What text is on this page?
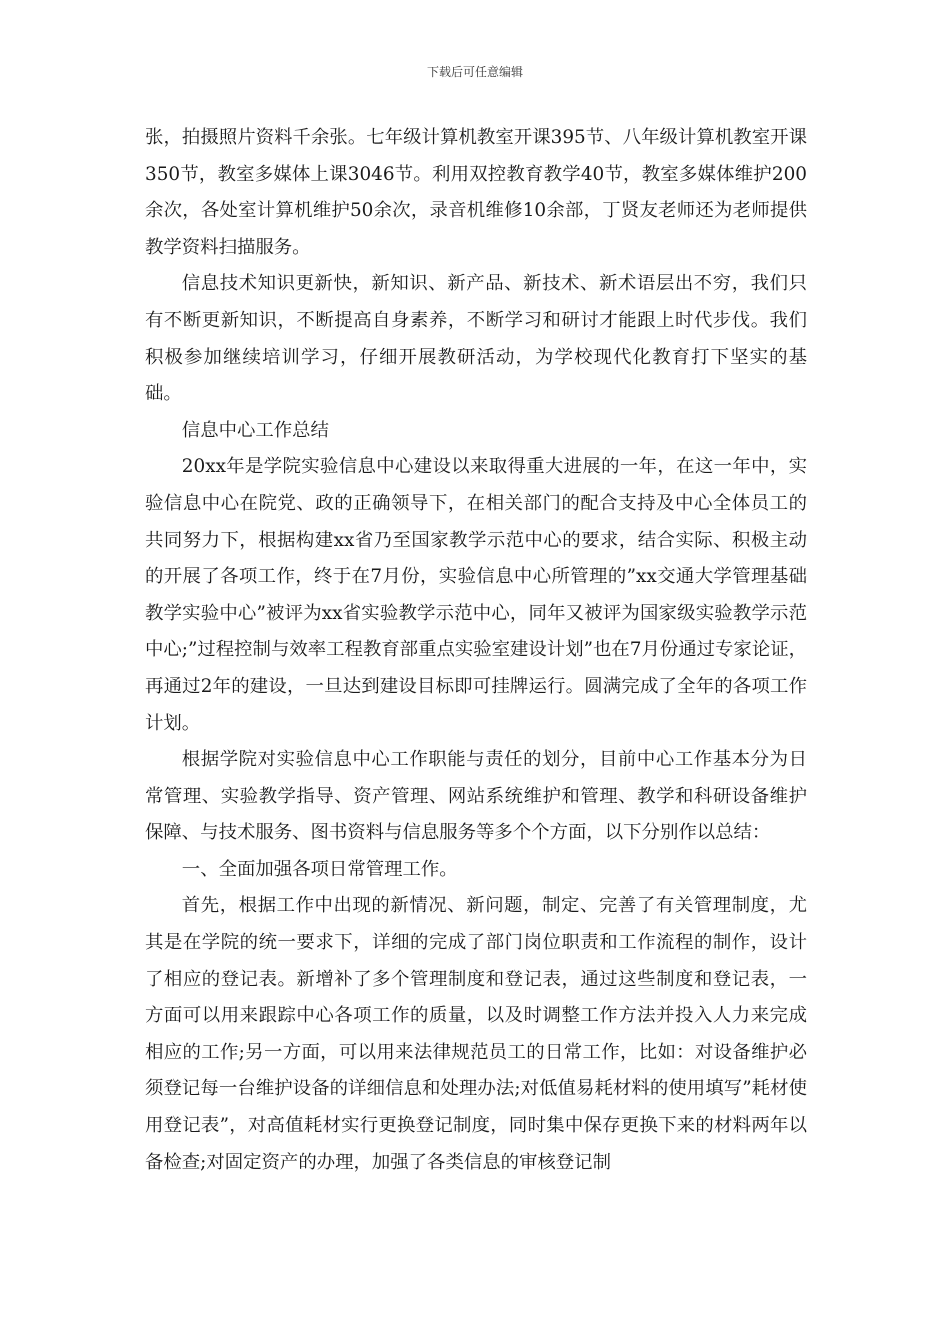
下载后可任意编辑

张，拍摄照片资料千余张。七年级计算机教室开课395节、八年级计算机教室开课350节，教室多媒体上课3046节。利用双控教育教学40节，教室多媒体维护200余次，各处室计算机维护50余次，录音机维修10余部，丁贤友老师还为老师提供教学资料扫描服务。

信息技术知识更新快，新知识、新产品、新技术、新术语层出不穷，我们只有不断更新知识，不断提高自身素养，不断学习和研讨才能跟上时代步伐。我们积极参加继续培训学习，仔细开展教研活动，为学校现代化教育打下坚实的基础。

信息中心工作总结

20xx年是学院实验信息中心建设以来取得重大进展的一年，在这一年中，实验信息中心在院党、政的正确领导下，在相关部门的配合支持及中心全体员工的共同努力下，根据构建xx省乃至国家教学示范中心的要求，结合实际、积极主动的开展了各项工作，终于在7月份，实验信息中心所管理的”xx交通大学管理基础教学实验中心”被评为xx省实验教学示范中心，同年又被评为国家级实验教学示范中心;”过程控制与效率工程教育部重点实验室建设计划”也在7月份通过专家论证，再通过2年的建设，一旦达到建设目标即可挂牌运行。圆满完成了全年的各项工作计划。

根据学院对实验信息中心工作职能与责任的划分，目前中心工作基本分为日常管理、实验教学指导、资产管理、网站系统维护和管理、教学和科研设备维护保障、与技术服务、图书资料与信息服务等多个个方面，以下分别作以总结：

一、全面加强各项日常管理工作。

首先，根据工作中出现的新情况、新问题，制定、完善了有关管理制度，尤其是在学院的统一要求下，详细的完成了部门岗位职责和工作流程的制作，设计了相应的登记表。新增补了多个管理制度和登记表，通过这些制度和登记表，一方面可以用来跟踪中心各项工作的质量，以及时调整工作方法并投入人力来完成相应的工作;另一方面，可以用来法律规范员工的日常工作，比如：对设备维护必须登记每一台维护设备的详细信息和处理办法;对低值易耗材料的使用填写”耗材使用登记表”，对高值耗材实行更换登记制度，同时集中保存更换下来的材料两年以备检查;对固定资产的办理，加强了各类信息的审核登记制
